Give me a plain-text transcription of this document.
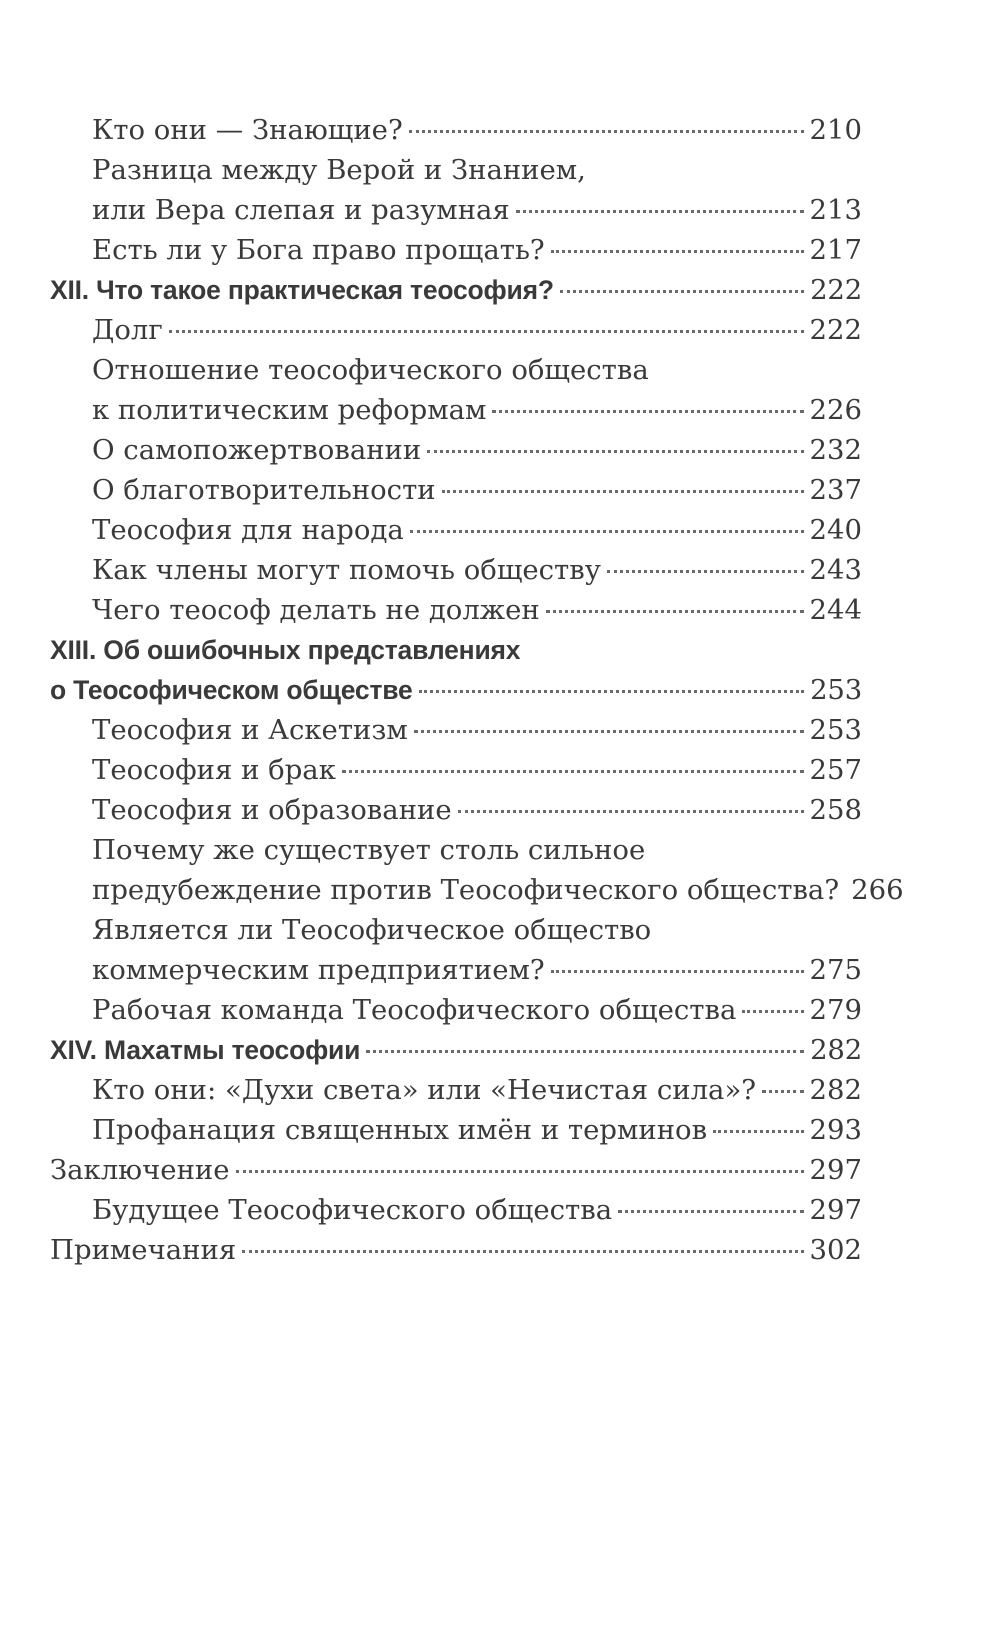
Кто они — Знающие?	210
Разница между Верой и Знанием,
или Вера слепая и разумная	213
Есть ли у Бога право прощать?	217
XII. Что такое практическая теософия?	222
Долг	222
Отношение теософического общества
к политическим реформам	226
О самопожертвовании	232
О благотворительности	237
Теософия для народа	240
Как члены могут помочь обществу	243
Чего теософ делать не должен	244
XIII. Об ошибочных представлениях
о Теософическом обществе	253
Теософия и Аскетизм	253
Теософия и брак	257
Теософия и образование	258
Почему же существует столь сильное
предубеждение против Теософического общества? 266
Является ли Теософическое общество
коммерческим предприятием?	275
Рабочая команда Теософического общества	279
XIV. Махатмы теософии	282
Кто они: «Духи света» или «Нечистая сила»? 282
Профанация священных имён и терминов	293
Заключение	297
Будущее Теософического общества	297
Примечания	302
